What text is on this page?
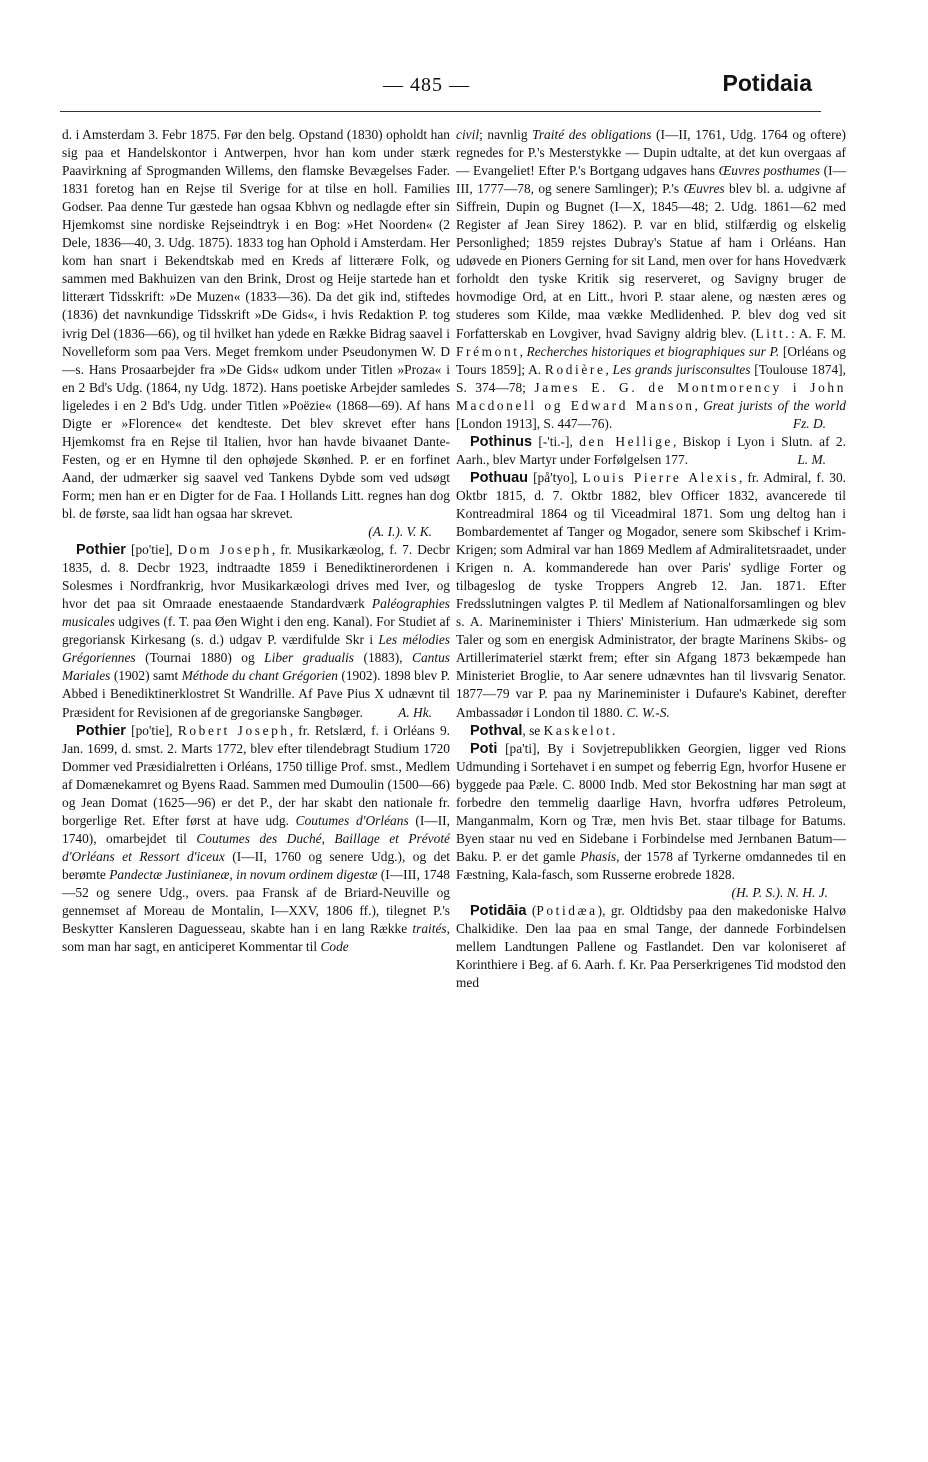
— 485 —	Potidaia

d. i Amsterdam 3. Febr 1875. Før den belg. Opstand (1830) opholdt han sig paa et Handelskontor i Antwerpen, hvor han kom under stærk Paavirkning af Sprogmanden Willems, den flamske Bevægelses Fader. 1831 foretog han en Rejse til Sverige for at tilse en holl. Families Godser. Paa denne Tur gæstede han ogsaa Kbhvn og nedlagde efter sin Hjemkomst sine nordiske Rejseindtryk i en Bog: »Het Noorden« (2 Dele, 1836—40, 3. Udg. 1875). 1833 tog han Ophold i Amsterdam. Her kom han snart i Bekendtskab med en Kreds af litterære Folk, og sammen med Bakhuizen van den Brink, Drost og Heije startede han et litterært Tidsskrift: »De Muzen« (1833—36). Da det gik ind, stiftedes (1836) det navnkundige Tidsskrift »De Gids«, i hvis Redaktion P. tog ivrig Del (1836—66), og til hvilket han ydede en Række Bidrag saavel i Novelleform som paa Vers. Meget fremkom under Pseudonymen W. D—s. Hans Prosaarbejder fra »De Gids« udkom under Titlen »Proza« i en 2 Bd's Udg. (1864, ny Udg. 1872). Hans poetiske Arbejder samledes ligeledes i en 2 Bd's Udg. under Titlen »Poëzie« (1868—69). Af hans Digte er »Florence« det kendteste. Det blev skrevet efter hans Hjemkomst fra en Rejse til Italien, hvor han havde bivaanet Dante-Festen, og er en Hymne til den ophøjede Skønhed. P. er en forfinet Aand, der udmærker sig saavel ved Tankens Dybde som ved udsøgt Form; men han er en Digter for de Faa. I Hollands Litt. regnes han dog bl. de første, saa lidt han ogsaa har skrevet.

(A. I.). V. K.

Pothier [po'tie], Dom Joseph, fr. Musikarkæolog, f. 7. Decbr 1835, d. 8. Decbr 1923, indtraadte 1859 i Benediktinerordenen i Solesmes i Nordfrankrig, hvor Musikarkæologi drives med Iver, og hvor det paa sit Omraade enestaaende Standardværk Paléographies musicales udgives (f. T. paa Øen Wight i den eng. Kanal). For Studiet af gregoriansk Kirkesang (s. d.) udgav P. værdifulde Skr i Les mélodies Grégoriennes (Tournai 1880) og Liber gradualis (1883), Cantus Mariales (1902) samt Méthode du chant Grégorien (1902). 1898 blev P. Abbed i Benediktinerklostret St Wandrille. Af Pave Pius X udnævnt til Præsident for Revisionen af de gregorianske Sangbøger.	A. Hk.

Pothier [po'tie], Robert Joseph, fr. Retslærd, f. i Orléans 9. Jan. 1699, d. smst. 2. Marts 1772, blev efter tilendebragt Studium 1720 Dommer ved Præsidialretten i Orléans, 1750 tillige Prof. smst., Medlem af Domænekamret og Byens Raad. Sammen med Dumoulin (1500—66) og Jean Domat (1625—96) er det P., der har skabt den nationale fr. borgerlige Ret. Efter først at have udg. Coutumes d'Orléans (I—II, 1740), omarbejdet til Coutumes des Duché, Baillage et Prévoté d'Orléans et Ressort d'iceux (I—II, 1760 og senere Udg.), og det berømte Pandectæ Justinianeæ, in novum ordinem digestæ (I—III, 1748—52 og senere Udg., overs. paa Fransk af de Briard-Neuville og gennemset af Moreau de Montalin, I—XXV, 1806 ff.), tilegnet P.'s Beskytter Kansleren Daguesseau, skabte han i en lang Række traités, som man har sagt, en anticiperet Kommentar til Code

civil; navnlig Traité des obligations (I—II, 1761, Udg. 1764 og oftere) regnedes for P.'s Mesterstykke — Dupin udtalte, at det kun overgaas af — Evangeliet! Efter P.'s Bortgang udgaves hans Œuvres posthumes (I—III, 1777—78, og senere Samlinger); P.'s Œuvres blev bl. a. udgivne af Siffrein, Dupin og Bugnet (I—X, 1845—48; 2. Udg. 1861—62 med Register af Jean Sirey 1862). P. var en blid, stilfærdig og elskelig Personlighed; 1859 rejstes Dubray's Statue af ham i Orléans. Han udøvede en Pioners Gerning for sit Land, men over for hans Hovedværk forholdt den tyske Kritik sig reserveret, og Savigny bruger de hovmodige Ord, at en Litt., hvori P. staar alene, og næsten æres og studeres som Kilde, maa vække Medlidenhed. P. blev dog ved sit Forfatterskab en Lovgiver, hvad Savigny aldrig blev. (Litt.: A. F. M. Frémont, Recherches historiques et biographiques sur P. [Orléans og Tours 1859]; A. Rodière, Les grands jurisconsultes [Toulouse 1874], S. 374—78; James E. G. de Montmorency i John Macdonell og Edward Manson, Great jurists of the world [London 1913], S. 447—76).	Fz. D.

Pothinus [-'ti.-], den Hellige, Biskop i Lyon i Slutn. af 2. Aarh., blev Martyr under Forfølgelsen 177.	L. M.

Pothuau [på'tyo], Louis Pierre Alexis, fr. Admiral, f. 30. Oktbr 1815, d. 7. Oktbr 1882, blev Officer 1832, avancerede til Kontreadmiral 1864 og til Viceadmiral 1871. Som ung deltog han i Bombardementet af Tanger og Mogador, senere som Skibschef i Krim-Krigen; som Admiral var han 1869 Medlem af Admiralitetsraadet, under Krigen n. A. kommanderede han over Paris' sydlige Forter og tilbageslog de tyske Troppers Angreb 12. Jan. 1871. Efter Fredsslutningen valgtes P. til Medlem af Nationalforsamlingen og blev s. A. Marineminister i Thiers' Ministerium. Han udmærkede sig som Taler og som en energisk Administrator, der bragte Marinens Skibs- og Artillerimateriel stærkt frem; efter sin Afgang 1873 bekæmpede han Ministeriet Broglie, to Aar senere udnævntes han til livsvarig Senator. 1877—79 var P. paa ny Marineminister i Dufaure's Kabinet, derefter Ambassadør i London til 1880. C. W.-S.

Pothval, se Kaskelot.

Poti [pa'ti], By i Sovjetrepublikken Georgien, ligger ved Rions Udmunding i Sortehavet i en sumpet og feberrig Egn, hvorfor Husene er byggede paa Pæle. C. 8000 Indb. Med stor Bekostning har man søgt at forbedre den temmelig daarlige Havn, hvorfra udføres Petroleum, Manganmalm, Korn og Træ, men hvis Bet. staar tilbage for Batums. Byen staar nu ved en Sidebane i Forbindelse med Jernbanen Batum—Baku. P. er det gamle Phasis, der 1578 af Tyrkerne omdannedes til en Fæstning, Kala-fasch, som Russerne erobrede 1828.

(H. P. S.). N. H. J.

Potidāia (Potidæa), gr. Oldtidsby paa den makedoniske Halvø Chalkidike. Den laa paa en smal Tange, der dannede Forbindelsen mellem Landtungen Pallene og Fastlandet. Den var koloniseret af Korinthiere i Beg. af 6. Aarh. f. Kr. Paa Perserkrigenes Tid modstod den med
